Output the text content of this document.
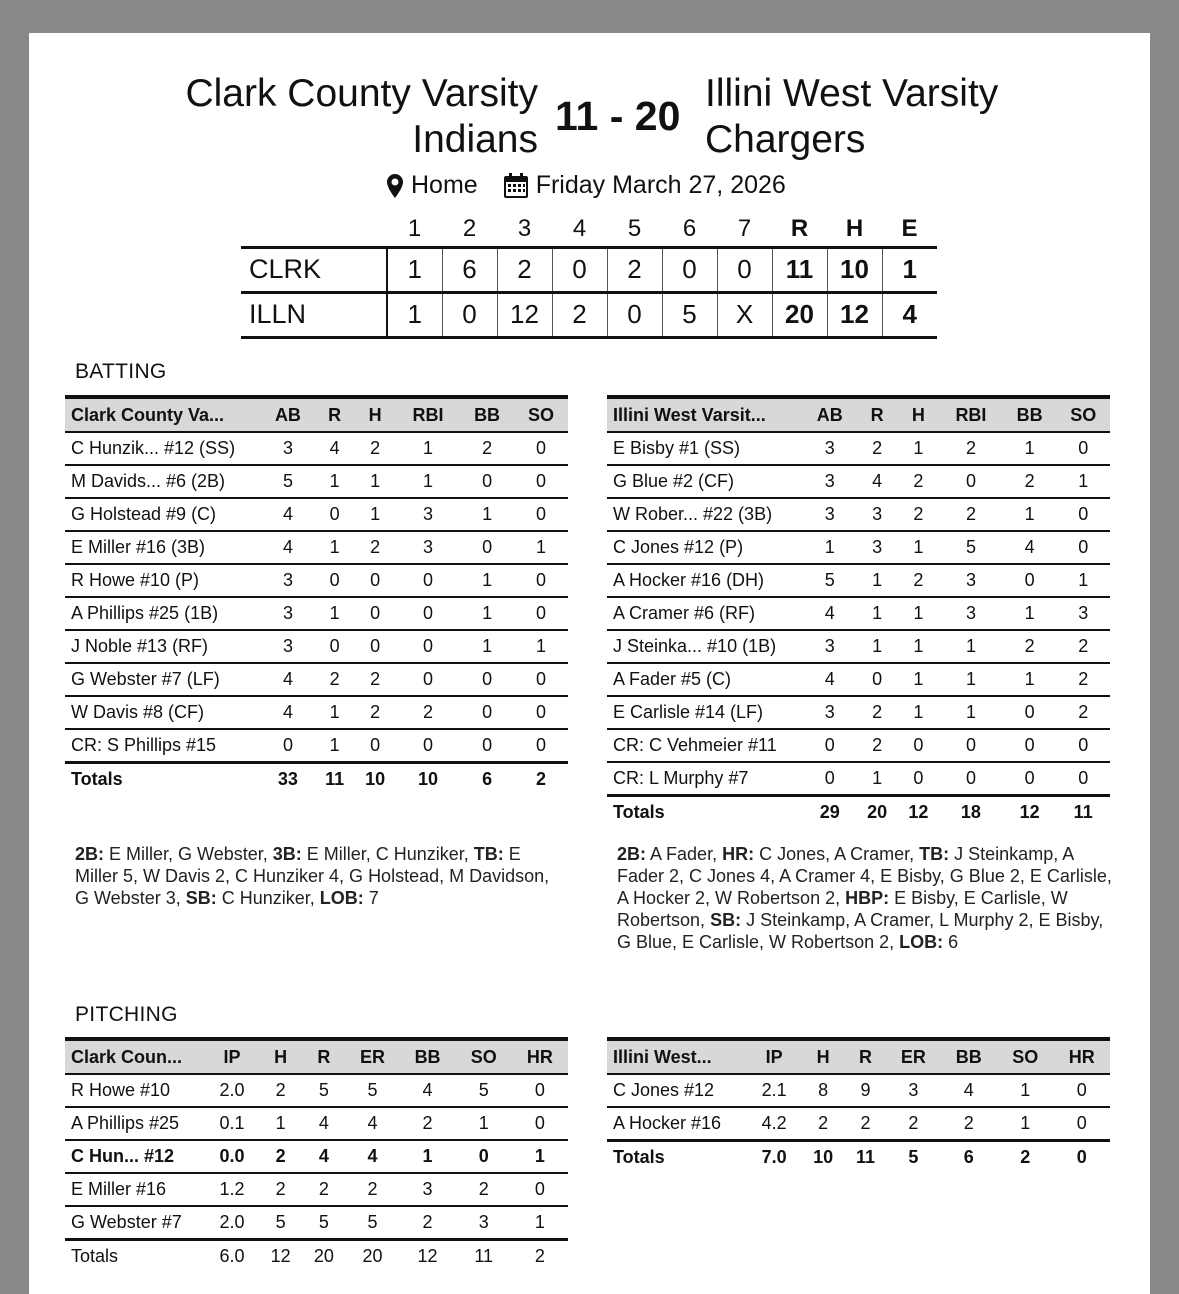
Clark County Varsity
Indians
11 - 20 Illini West Varsity
Chargers
Home Friday March 27, 2026
	1	2	3	4	5	6	7	R	H	E
CLRK	1	6	2	0	2	0	0	11	10	1
ILLN	1	0	12	2	0	5	X	20	12	4
BATTING
Clark County Va...	AB	R	H	RBI	BB	SO
C Hunzik... #12 (SS)	3	4	2	1	2	0
M Davids... #6 (2B)	5	1	1	1	0	0
G Holstead #9 (C)	4	0	1	3	1	0
E Miller #16 (3B)	4	1	2	3	0	1
R Howe #10 (P)	3	0	0	0	1	0
A Phillips #25 (1B)	3	1	0	0	1	0
J Noble #13 (RF)	3	0	0	0	1	1
G Webster #7 (LF)	4	2	2	0	0	0
W Davis #8 (CF)	4	1	2	2	0	0
CR: S Phillips #15	0	1	0	0	0	0
Totals	33	11	10	10	6	2
Illini West Varsit...	AB	R	H	RBI	BB	SO
E Bisby #1 (SS)	3	2	1	2	1	0
G Blue #2 (CF)	3	4	2	0	2	1
W Rober... #22 (3B)	3	3	2	2	1	0
C Jones #12 (P)	1	3	1	5	4	0
A Hocker #16 (DH)	5	1	2	3	0	1
A Cramer #6 (RF)	4	1	1	3	1	3
J Steinka... #10 (1B)	3	1	1	1	2	2
A Fader #5 (C)	4	0	1	1	1	2
E Carlisle #14 (LF)	3	2	1	1	0	2
CR: C Vehmeier #11	0	2	0	0	0	0
CR: L Murphy #7	0	1	0	0	0	0
Totals	29	20	12	18	12	11
2B: E Miller, G Webster, 3B: E Miller, C Hunziker, TB: E Miller 5, W Davis 2, C Hunziker 4, G Holstead, M Davidson, G Webster 3, SB: C Hunziker, LOB: 7
2B: A Fader, HR: C Jones, A Cramer, TB: J Steinkamp, A Fader 2, C Jones 4, A Cramer 4, E Bisby, G Blue 2, E Carlisle, A Hocker 2, W Robertson 2, HBP: E Bisby, E Carlisle, W Robertson, SB: J Steinkamp, A Cramer, L Murphy 2, E Bisby, G Blue, E Carlisle, W Robertson 2, LOB: 6
PITCHING
Clark Coun...	IP	H	R	ER	BB	SO	HR
R Howe #10	2.0	2	5	5	4	5	0
A Phillips #25	0.1	1	4	4	2	1	0
C Hun... #12	0.0	2	4	4	1	0	1
E Miller #16	1.2	2	2	2	3	2	0
G Webster #7	2.0	5	5	5	2	3	1
Totals	6.0	12	20	20	12	11	2
Illini West...	IP	H	R	ER	BB	SO	HR
C Jones #12	2.1	8	9	3	4	1	0
A Hocker #16	4.2	2	2	2	2	1	0
Totals	7.0	10	11	5	6	2	0
